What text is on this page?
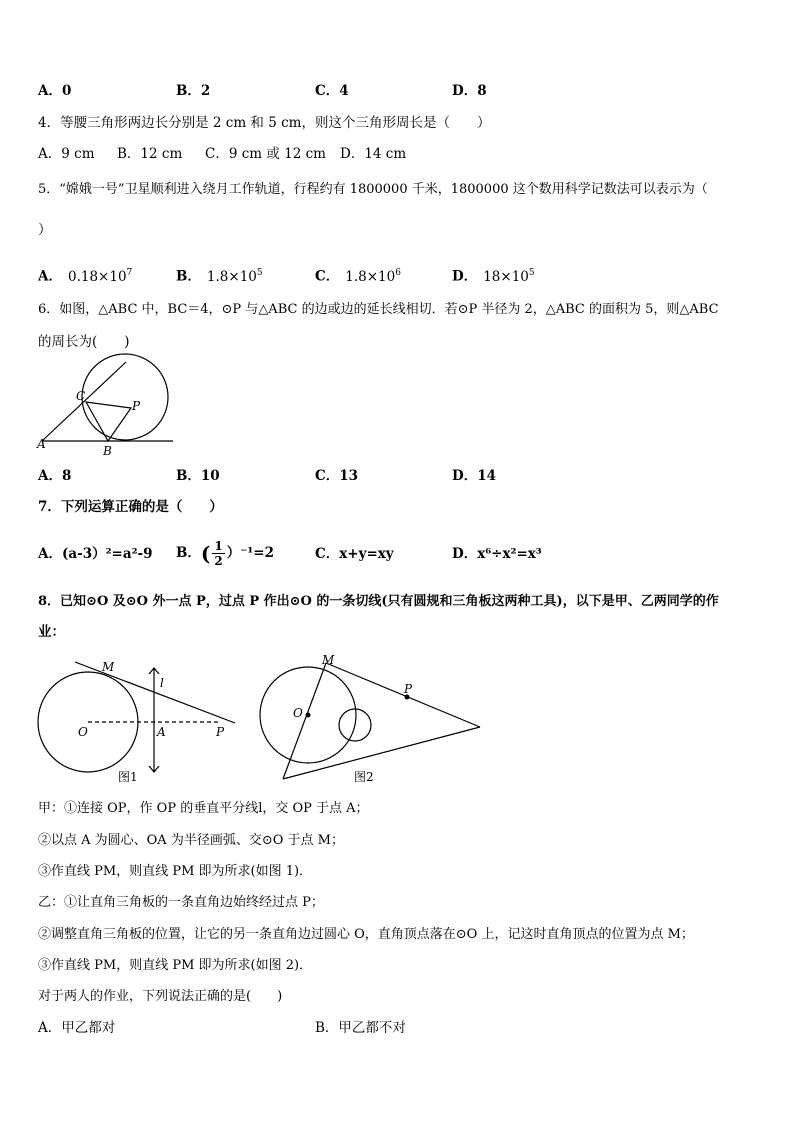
A．0	B．2	C．4	D．8
4．等腰三角形两边长分别是 2 cm 和 5 cm，则这个三角形周长是（　　）
A．9 cm B．12 cm C．9 cm 或 12 cm D．14 cm
5．“嫦娥一号”卫星顺利进入绕月工作轨道，行程约有 1800000 千米，1800000 这个数用科学记数法可以表示为（
）
A． $0.18\times 10^7$	B． $1.8\times 10^5$	C． $1.8\times 10^6$	D． $18\times 10^5$
6．如图，△ABC 中，BC＝4，⊙P 与△ABC 的边或边的延长线相切．若⊙P 半径为 2，△ABC 的面积为 5，则△ABC
的周长为(　　)
A	B
C
P
A．8	B．10	C．13	D．14
7．下列运算正确的是（　　）
A．(a-3）²=a²-9 B．( $\frac{1}{2} )^{-1}=2$	C．x+y=xy	D．x⁶÷x²=x³
8．已知⊙O 及⊙O 外一点 P，过点 P 作出⊙O 的一条切线(只有圆规和三角板这两种工具)，以下是甲、乙两同学的作
业：
M
l
O	A	P
图1
M
P
O
图2
甲：①连接 OP，作 OP 的垂直平分线l，交 OP 于点 A；
②以点 A 为圆心、OA 为半径画弧、交⊙O 于点 M；
③作直线 PM，则直线 PM 即为所求(如图 1)．
乙：①让直角三角板的一条直角边始终经过点 P；
②调整直角三角板的位置，让它的另一条直角边过圆心 O，直角顶点落在⊙O 上，记这时直角顶点的位置为点 M；
③作直线 PM，则直线 PM 即为所求(如图 2)．
对于两人的作业，下列说法正确的是(　　)
A．甲乙都对	B．甲乙都不对
